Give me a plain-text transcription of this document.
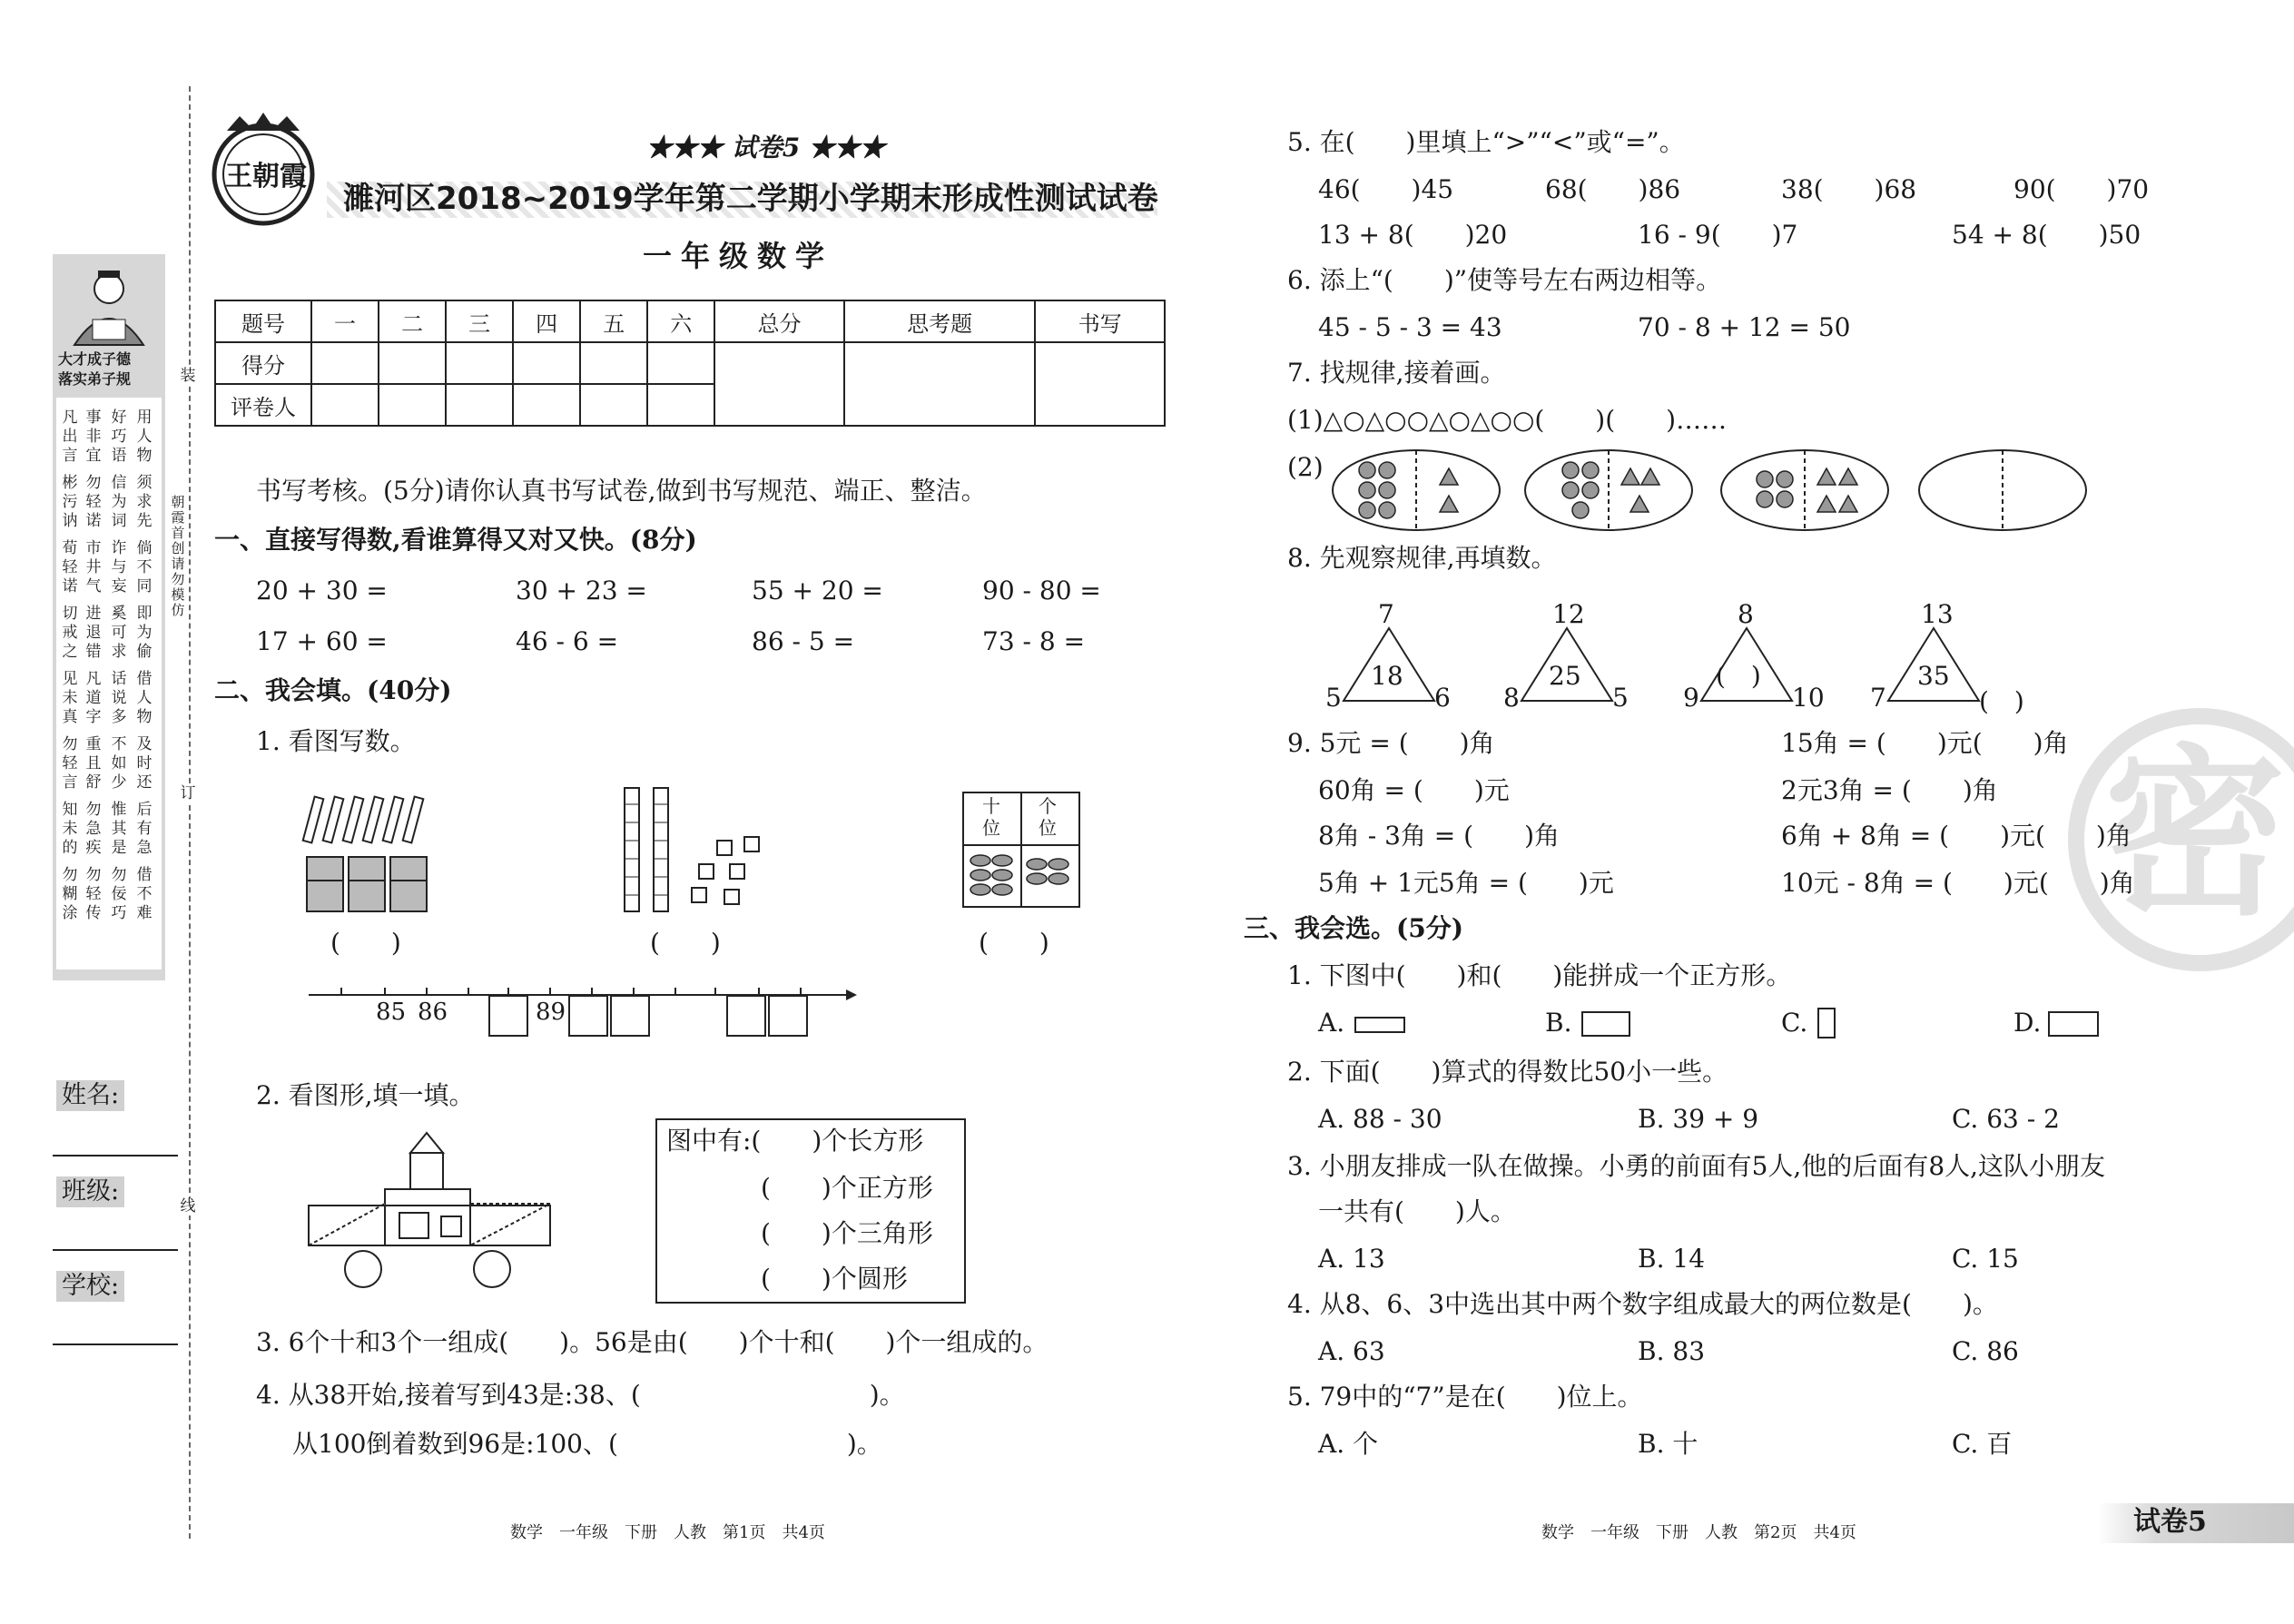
装
订
线
朝霞首创请勿模仿
大才成子德
落实弟子规
用人物
好巧语
事非宜
须求先
信为词
勿轻诺
倘不同
诈与妄
市井气
即为偷
奚可求
进退错
借人物
话说多
凡道字
及时还
不如少
重且舒
后有急
惟其是
勿急疾
借不难
勿佞巧
勿轻传
凡出言
彬污讷
荀轻诺
切戒之
见未真
勿轻言
知未的
勿糊涂
姓名:
班级:
学校:
王朝霞
★★★ 试卷5 ★★★
濉河区2018~2019学年第二学期小学期末形成性测试试卷
一年级数学
题号	一	二	三	四	五	六	总分	思考题	书写
得分									
评卷人									
书写考核。(5分)请你认真书写试卷,做到书写规范、端正、整洁。
一、直接写得数,看谁算得又对又快。(8分)
20 + 30 =	30 + 23 =	55 + 20 =	90 - 80 =
17 + 60 =	46 - 6 =	86 - 5 =	73 - 8 =
二、我会填。(40分)
1. 看图写数。
十位
个位
(　　)	(　　)	(　　)
85 86	89
2. 看图形,填一填。
图中有:(　　)个长方形
(　　)个正方形
(　　)个三角形
(　　)个圆形
3. 6个十和3个一组成(　　)。56是由(　　)个十和(　　)个一组成的。
4. 从38开始,接着写到43是:38、(　　　　　　　　　)。
从100倒着数到96是:100、(　　　　　　　　　)。
数学　一年级　下册　人教　第1页　共4页
密
5. 在(　　)里填上“>”“<”或“=”。
46(　　)45	68(　　)86	38(　　)68	90(　　)70
13 + 8(　　)20	16 - 9(　　)7	54 + 8(　　)50
6. 添上“(　　)”使等号左右两边相等。
45 - 5 - 3 = 43	70 - 8 + 12 = 50
7. 找规律,接着画。
(1)△○△○○△○△○○(　　)(　　)……
(2)
8. 先观察规律,再填数。
7
5	6
18
12
8	5
25
8
9	10
(　)
13
7	(　)
35
9. 5元 = (　　)角	15角 = (　　)元(　　)角
60角 = (　　)元	2元3角 = (　　)角
8角 - 3角 = (　　)角	6角 + 8角 = (　　)元(　　)角
5角 + 1元5角 = (　　)元	10元 - 8角 = (　　)元(　　)角
三、我会选。(5分)
1. 下图中(　　)和(　　)能拼成一个正方形。
A.	B.	C.	D.
2. 下面(　　)算式的得数比50小一些。
A. 88 - 30	B. 39 + 9	C. 63 - 2
3. 小朋友排成一队在做操。小勇的前面有5人,他的后面有8人,这队小朋友
一共有(　　)人。
A. 13	B. 14	C. 15
4. 从8、6、3中选出其中两个数字组成最大的两位数是(　　)。
A. 63	B. 83	C. 86
5. 79中的“7”是在(　　)位上。
A. 个	B. 十	C. 百
数学　一年级　下册　人教　第2页　共4页	试卷5
